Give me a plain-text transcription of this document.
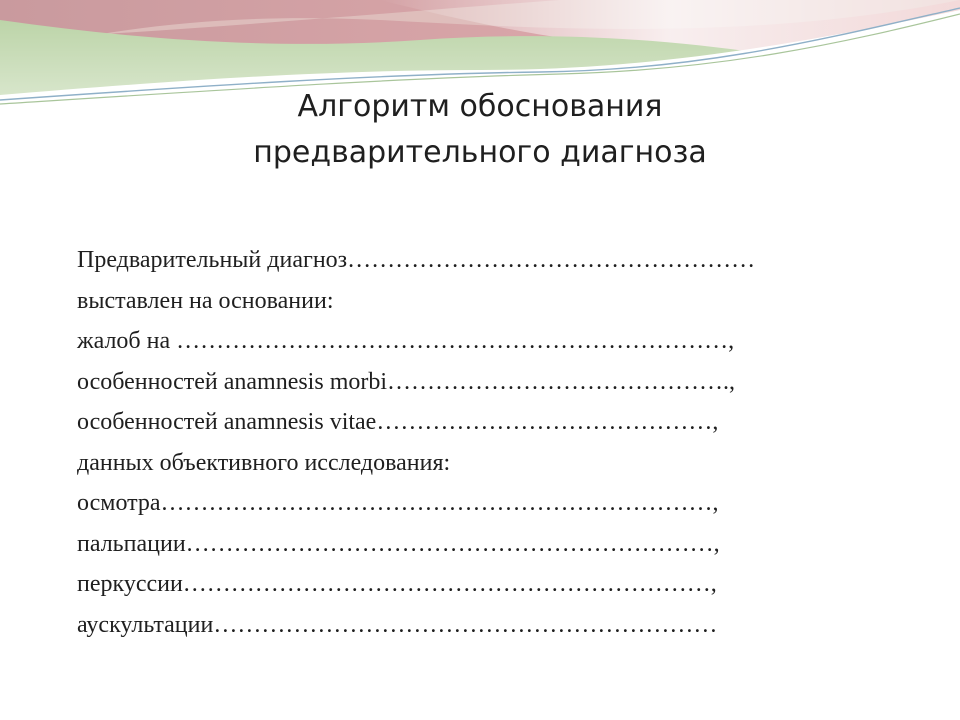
Алгоритм обоснования
предварительного диагноза
Предварительный диагноз……………………………………………
выставлен на основании:
жалоб на ……………………………………………………………,
особенностей anamnesis morbi…………………………………….,
особенностей anamnesis vitae……………………………………,
данных объективного исследования:
осмотра……………………………………………………………,
пальпации…………………………………………………………,
перкуссии…………………………………………………………,
аускультации………………………………………………………
